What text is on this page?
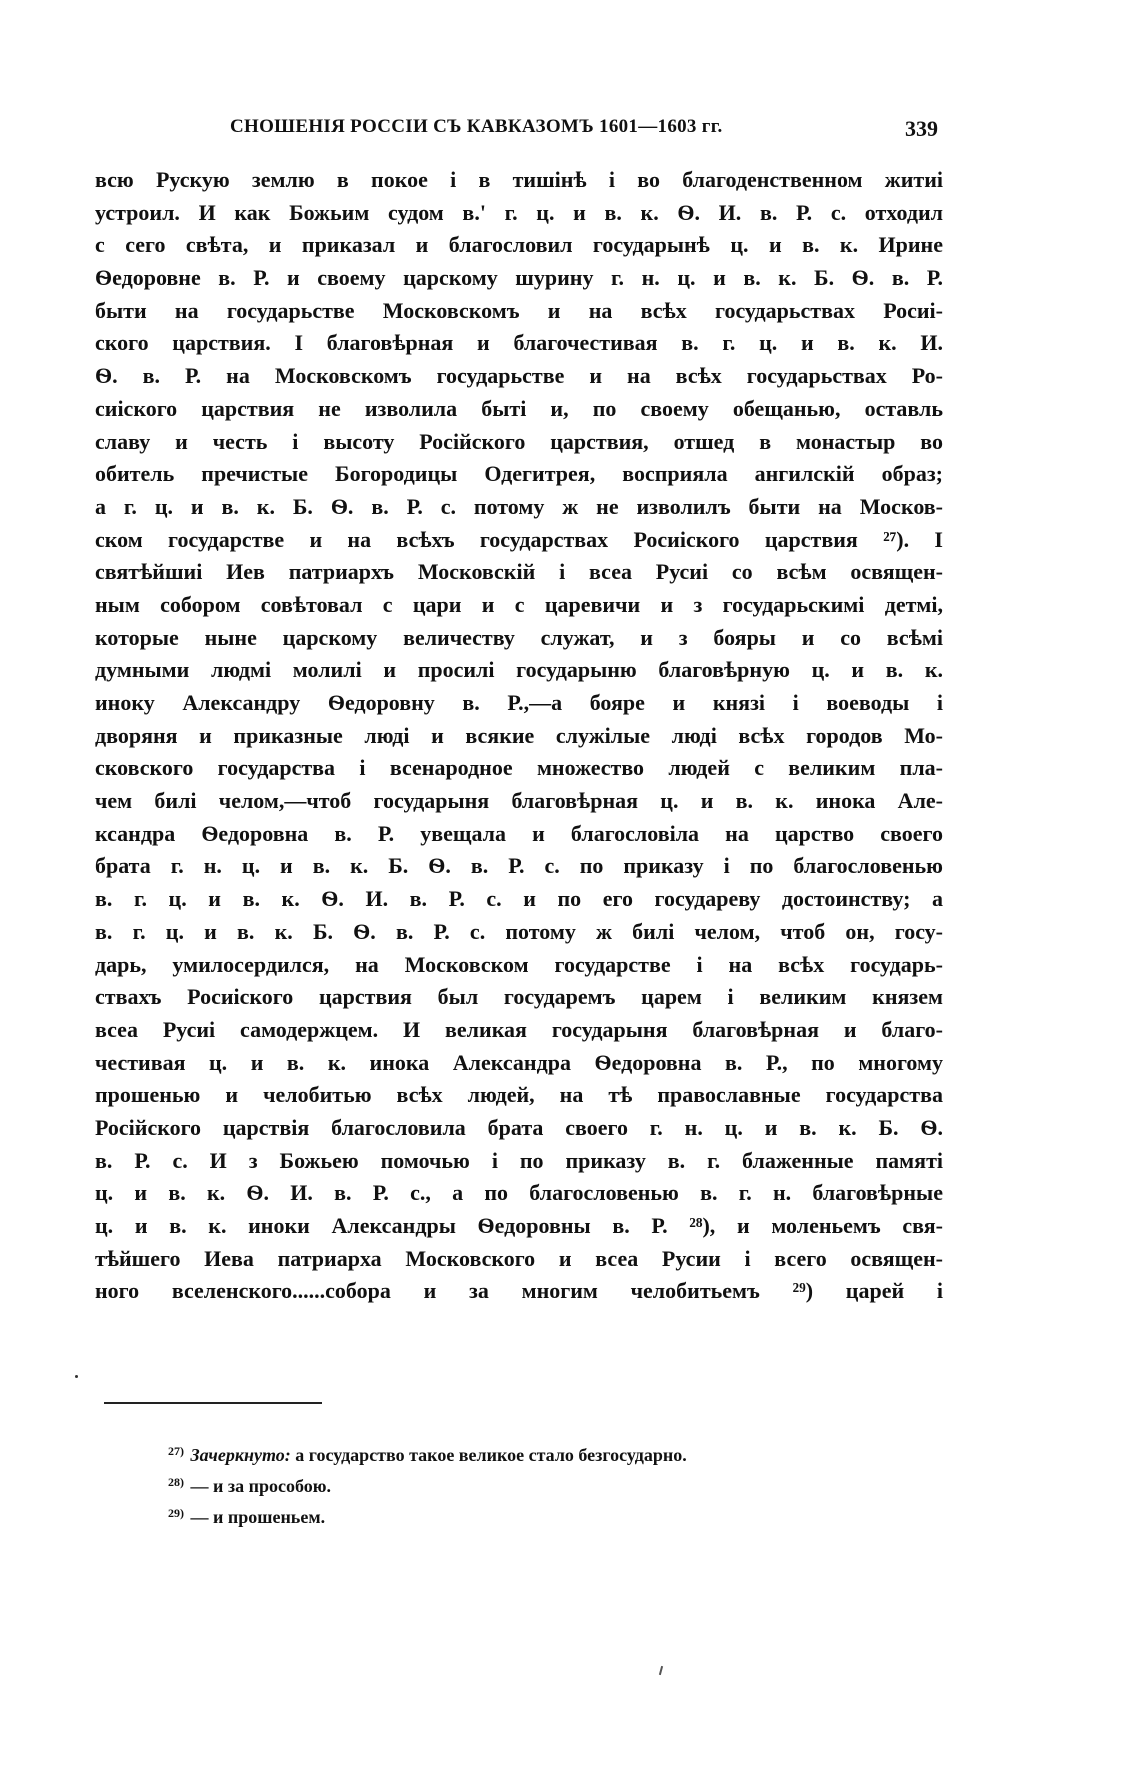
СНОШЕНІЯ РОССІИ СЪ КАВКАЗОМЪ 1601—1603 гг.	339
всю Рускую землю в покое і в тишінѣ і во благоденственном житиі
устроил. И как Божьим судом в.' г. ц. и в. к. Ѳ. И. в. Р. с. отходил
с сего свѣта, и приказал и благословил государынѣ ц. и в. к. Ирине
Ѳедоровне в. Р. и своему царскому шурину г. н. ц. и в. к. Б. Ѳ. в. Р.
быти на государьстве Московскомъ и на всѣх государьствах Росиі-
ского царствия. І благовѣрная и благочестивая в. г. ц. и в. к. И.
Ѳ. в. Р. на Московскомъ государьстве и на всѣх государьствах Ро-
сиіского царствия не изволила быті и, по своему обещанью, оставль
славу и честь і высоту Російского царствия, отшед в монастыр во
обитель пречистые Богородицы Одегитрея, восприяла ангилскій образ;
а г. ц. и в. к. Б. Ѳ. в. Р. с. потому ж не изволилъ быти на Москов-
ском государстве и на всѣхъ государствах Росиіского царствия ²⁷). І
святѣйшиі Иев патриархъ Московскій і всеа Русиі со всѣм освящен-
ным собором совѣтовал с цари и с царевичи и з государьскимі детмі,
которые ныне царскому величеству служат, и з бояры и со всѣмі
думными людмі молилі и просилі государыню благовѣрную ц. и в. к.
иноку Александру Ѳедоровну в. Р.,—а бояре и князі і воеводы і
дворяня и приказные люді и всякие служілые люді всѣх городов Мо-
сковского государства і всенародное множество людей с великим пла-
чем билі челом,—чтоб государыня благовѣрная ц. и в. к. инока Але-
ксандра Ѳедоровна в. Р. увещала и благословіла на царство своего
брата г. н. ц. и в. к. Б. Ѳ. в. Р. с. по приказу і по благословенью
в. г. ц. и в. к. Ѳ. И. в. Р. с. и по его государеву достоинству; а
в. г. ц. и в. к. Б. Ѳ. в. Р. с. потому ж билі челом, чтоб он, госу-
дарь, умилосердился, на Московском государстве і на всѣх государь-
ствахъ Росиіского царствия был государемъ царем і великим князем
всеа Русиі самодержцем. И великая государыня благовѣрная и благо-
честивая ц. и в. к. инока Александра Ѳедоровна в. Р., по многому
прошенью и челобитью всѣх людей, на тѣ православные государства
Російского царствія благословила брата своего г. н. ц. и в. к. Б. Ѳ.
в. Р. с. И з Божьею помочью і по приказу в. г. блаженные памяті
ц. и в. к. Ѳ. И. в. Р. с., а по благословенью в. г. н. благовѣрные
ц. и в. к. иноки Александры Ѳедоровны в. Р. ²⁸), и моленьемъ свя-
тѣйшего Иева патриарха Московского и всеа Русии і всего освящен-
ного вселенского......собора и за многим челобитьемъ ²⁹) царей і
$^{27)}$ Зачеркнуто: а государство такое великое стало безгосударно.
$^{28)}$ — и за прособою.
$^{29)}$ — и прошеньем.
